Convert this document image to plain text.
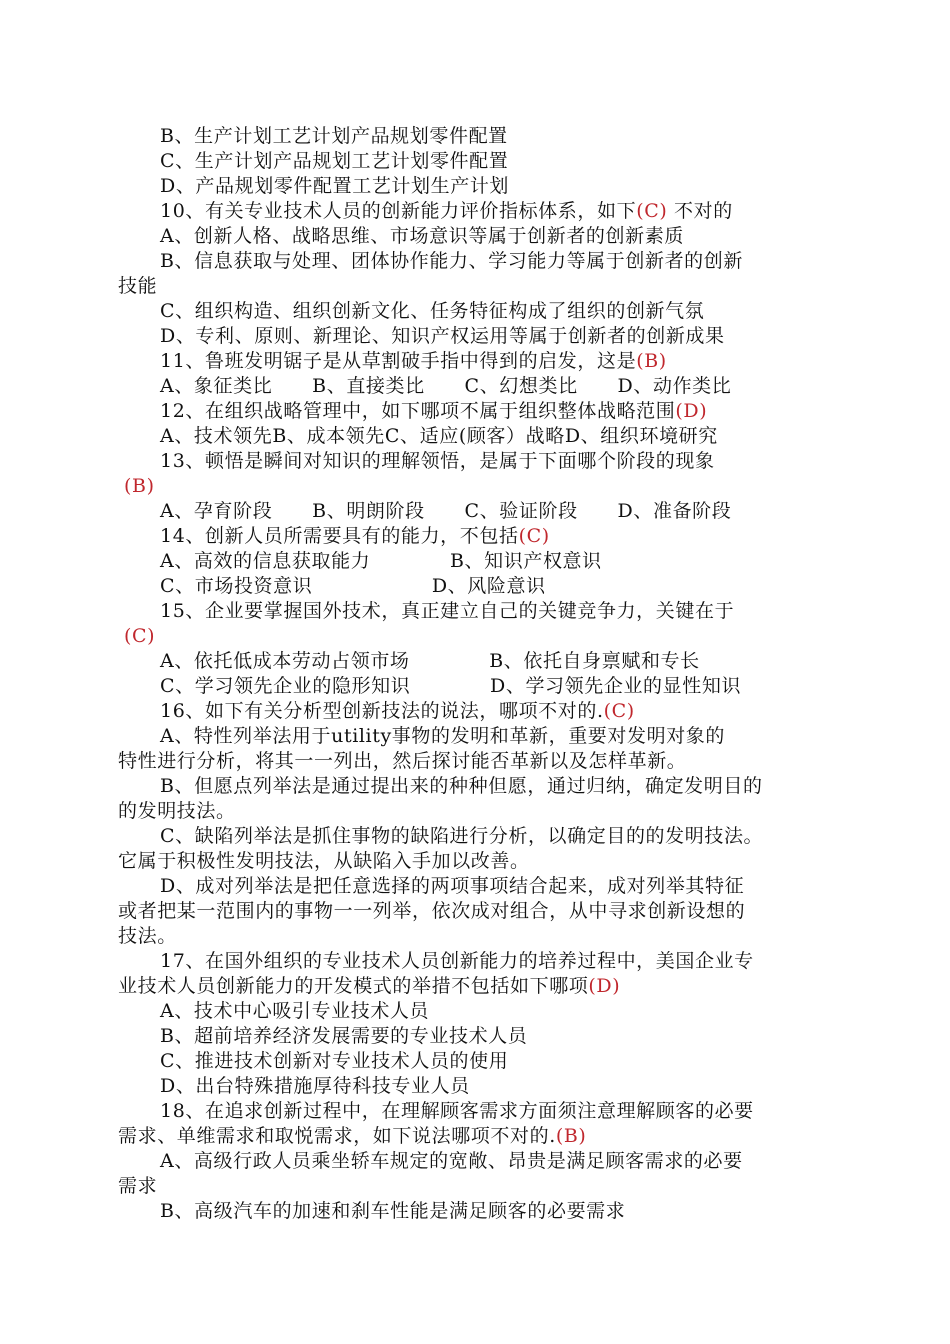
B、生产计划工艺计划产品规划零件配置
C、生产计划产品规划工艺计划零件配置
D、产品规划零件配置工艺计划生产计划
10、有关专业技术人员的创新能力评价指标体系，如下(C) 不对的
A、创新人格、战略思维、市场意识等属于创新者的创新素质
B、信息获取与处理、团体协作能力、学习能力等属于创新者的创新
技能
C、组织构造、组织创新文化、任务特征构成了组织的创新气氛
D、专利、原则、新理论、知识产权运用等属于创新者的创新成果
11、鲁班发明锯子是从草割破手指中得到的启发，这是(B)
A、象征类比      B、直接类比      C、幻想类比      D、动作类比
12、在组织战略管理中，如下哪项不属于组织整体战略范围(D)
A、技术领先B、成本领先C、适应(顾客）战略D、组织环境研究
13、顿悟是瞬间对知识的理解领悟，是属于下面哪个阶段的现象
(B)
A、孕育阶段      B、明朗阶段      C、验证阶段      D、准备阶段
14、创新人员所需要具有的能力，不包括(C)
A、高效的信息获取能力            B、知识产权意识
C、市场投资意识                  D、风险意识
15、企业要掌握国外技术，真正建立自己的关键竞争力，关键在于
(C)
A、依托低成本劳动占领市场            B、依托自身禀赋和专长
C、学习领先企业的隐形知识            D、学习领先企业的显性知识
16、如下有关分析型创新技法的说法，哪项不对的.(C)
A、特性列举法用于utility事物的发明和革新，重要对发明对象的
特性进行分析，将其一一列出，然后探讨能否革新以及怎样革新。
B、但愿点列举法是通过提出来的种种但愿，通过归纳，确定发明目的
的发明技法。
C、缺陷列举法是抓住事物的缺陷进行分析，以确定目的的发明技法。
它属于积极性发明技法，从缺陷入手加以改善。
D、成对列举法是把任意选择的两项事项结合起来，成对列举其特征
或者把某一范围内的事物一一列举，依次成对组合，从中寻求创新设想的
技法。
17、在国外组织的专业技术人员创新能力的培养过程中，美国企业专
业技术人员创新能力的开发模式的举措不包括如下哪项(D)
A、技术中心吸引专业技术人员
B、超前培养经济发展需要的专业技术人员
C、推进技术创新对专业技术人员的使用
D、出台特殊措施厚待科技专业人员
18、在追求创新过程中，在理解顾客需求方面须注意理解顾客的必要
需求、单维需求和取悦需求，如下说法哪项不对的.(B)
A、高级行政人员乘坐轿车规定的宽敞、昂贵是满足顾客需求的必要
需求
B、高级汽车的加速和刹车性能是满足顾客的必要需求
